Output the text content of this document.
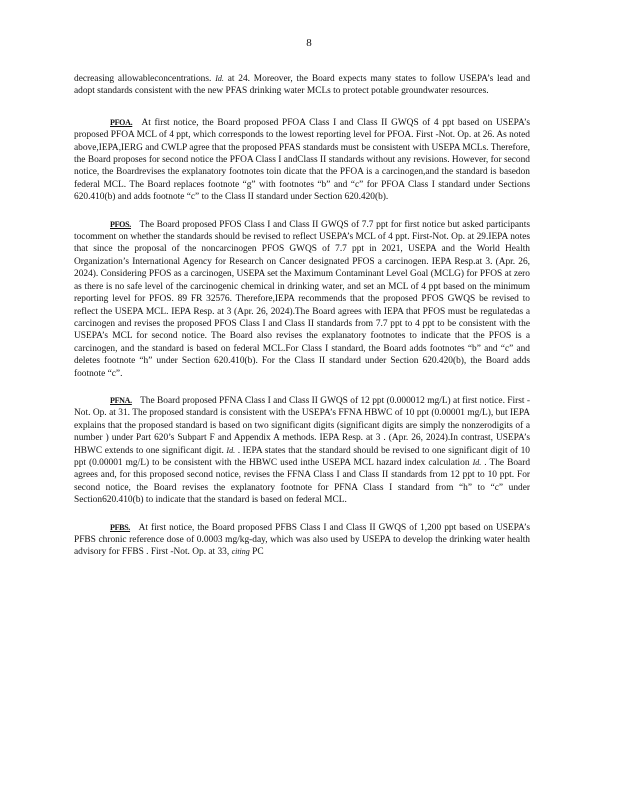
8

decreasing allowableconcentrations. Id. at 24. Moreover, the Board expects many states to follow USEPA’s lead and adopt standards consistent with the new PFAS drinking water MCLs to protect potable groundwater resources.

PFOA. At first notice, the Board proposed PFOA Class I and Class II GWQS of 4 ppt based on USEPA’s proposed PFOA MCL of 4 ppt, which corresponds to the lowest reporting level for PFOA. First -Not. Op. at 26. As noted above,IEPA,IERG and CWLP agree that the proposed PFAS standards must be consistent with USEPA MCLs. Therefore, the Board proposes for second notice the PFOA Class I andClass II standards without any revisions. However, for second notice, the Boardrevises the explanatory footnotes toin dicate that the PFOA is a carcinogen,and the standard is basedon federal MCL. The Board replaces footnote “g” with footnotes “b” and “c” for PFOA Class I standard under Sections 620.410(b) and adds footnote “c” to the Class II standard under Section 620.420(b).

PFOS. The Board proposed PFOS Class I and Class II GWQS of 7.7 ppt for first notice but asked participants tocomment on whether the standards should be revised to reflect USEPA’s MCL of 4 ppt. First-Not. Op. at 29.IEPA notes that since the proposal of the noncarcinogen PFOS GWQS of 7.7 ppt in 2021, USEPA and the World Health Organization’s International Agency for Research on Cancer designated PFOS a carcinogen. IEPA Resp.at 3. (Apr. 26, 2024). Considering PFOS as a carcinogen, USEPA set the Maximum Contaminant Level Goal (MCLG) for PFOS at zero as there is no safe level of the carcinogenic chemical in drinking water, and set an MCL of 4 ppt based on the minimum reporting level for PFOS. 89 FR 32576. Therefore,IEPA recommends that the proposed PFOS GWQS be revised to reflect the USEPA MCL. IEPA Resp. at 3 (Apr. 26, 2024).The Board agrees with IEPA that PFOS must be regulatedas a carcinogen and revises the proposed PFOS Class I and Class II standards from 7.7 ppt to 4 ppt to be consistent with the USEPA’s MCL for second notice. The Board also revises the explanatory footnotes to indicate that the PFOS is a carcinogen, and the standard is based on federal MCL.For Class I standard, the Board adds footnotes “b” and “c” and deletes footnote “h” under Section 620.410(b). For the Class II standard under Section 620.420(b), the Board adds footnote “c”.

PFNA. The Board proposed PFNA Class I and Class II GWQS of 12 ppt (0.000012 mg/L) at first notice. First -Not. Op. at 31. The proposed standard is consistent with the USEPA’s FFNA HBWC of 10 ppt (0.00001 mg/L), but IEPA explains that the proposed standard is based on two significant digits (significant digits are simply the nonzerodigits of a number ) under Part 620’s Subpart F and Appendix A methods. IEPA Resp. at 3 . (Apr. 26, 2024).In contrast, USEPA’s HBWC extends to one significant digit. Id. . IEPA states that the standard should be revised to one significant digit of 10 ppt (0.00001 mg/L) to be consistent with the HBWC used inthe USEPA MCL hazard index calculation Id. . The Board agrees and, for this proposed second notice, revises the FFNA Class I and Class II standards from 12 ppt to 10 ppt. For second notice, the Board revises the explanatory footnote for PFNA Class I standard from “h” to “c” under Section620.410(b) to indicate that the standard is based on federal MCL.

PFBS. At first notice, the Board proposed PFBS Class I and Class II GWQS of 1,200 ppt based on USEPA’s PFBS chronic reference dose of 0.0003 mg/kg-day, which was also used by USEPA to develop the drinking water health advisory for FFBS . First -Not. Op. at 33, citing PC
